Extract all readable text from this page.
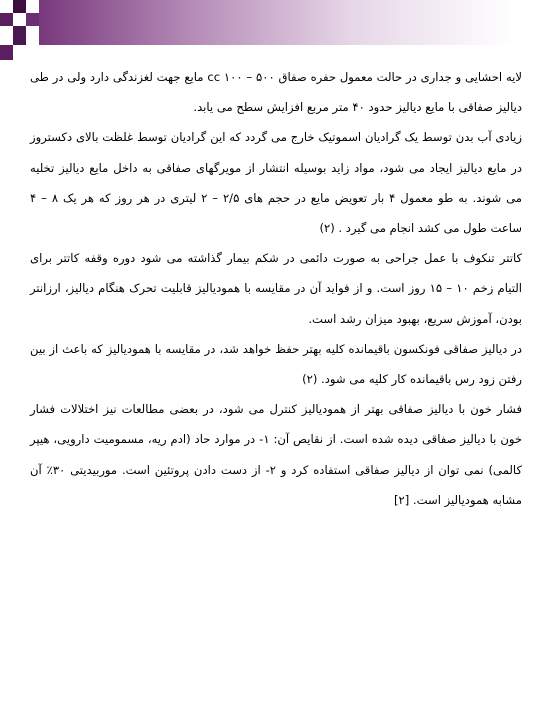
لایه احشایی و جداری در حالت معمول حفره صفاق cc ۱۰۰ – ۵۰۰ مایع جهت لغزندگی دارد ولی در طی دیالیز صفاقی با مایع دیالیز حدود ۴۰ متر مربع افزایش سطح می یابد.

زیادی آب بدن توسط یک گرادیان اسموتیک خارج می گردد که این گرادیان توسط غلظت بالای دکستروز در مایع دیالیز ایجاد می شود، مواد زاید بوسیله انتشار از مویرگهای صفاقی به داخل مایع دیالیز تخلیه می شوند. به طو معمول ۴ بار تعویض مایع در حجم های ۲/۵ – ۲ لیتری در هر روز که هر یک ۸ – ۴ ساعت طول می کشد انجام می گیرد . (۲)

کاتتر تنکوف با عمل جراحی به صورت دائمی در شکم بیمار گذاشته می شود دوره وقفه کاتتر برای التیام زخم ۱۰ – ۱۵ روز است. و از فواید آن در مقایسه با همودیالیز قابلیت تحرک هنگام دیالیز، ارزانتر بودن، آموزش سریع، بهبود میزان رشد است.

در دیالیز صفاقی فونکسون باقیمانده کلیه بهتر حفظ خواهد شد، در مقایسه با همودیالیز که باعث از بین رفتن زود رس باقیمانده کار کلیه می شود. (۲)

فشار خون با دیالیز صفاقی بهتر از همودیالیز کنترل می شود، در بعضی مطالعات نیز اختلالات فشار خون با دیالیز صفاقی دیده شده است. از نقایص آن: ۱- در موارد حاد (ادم ریه، مسمومیت دارویی، هیپر کالمی) نمی توان از دیالیز صفاقی استفاده کرد و ۲- از دست دادن پروتئین است. موربیدیتی ۳۰٪ آن مشابه همودیالیز است. [۲]
